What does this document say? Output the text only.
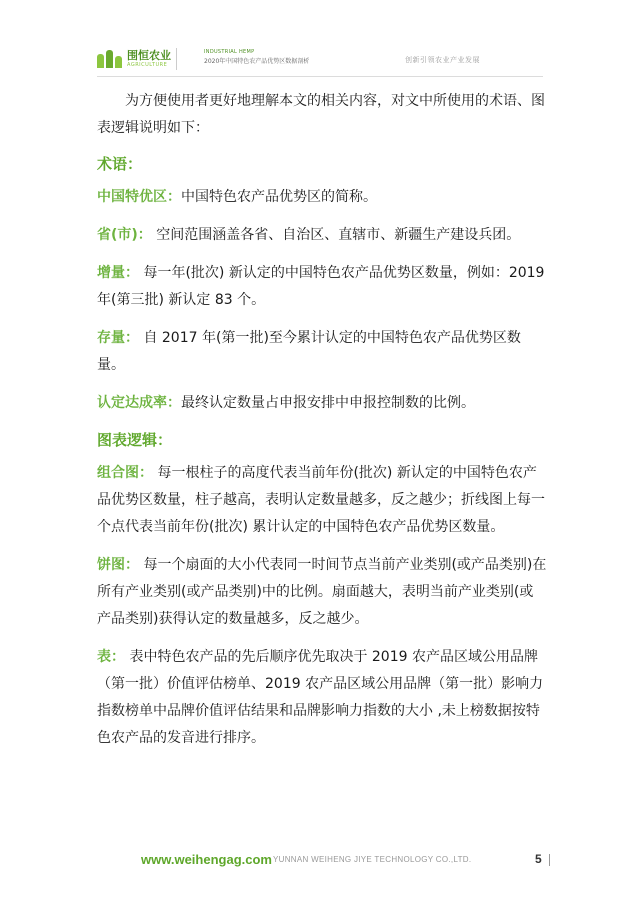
围恒农业
AGRICULTURE
INDUSTRIAL HEMP
2020年中国特色农产品优势区数据剖析	创新引领农业产业发展

为方便使用者更好地理解本文的相关内容，对文中所使用的术语、图表逻辑说明如下：

术语：

中国特优区：中国特色农产品优势区的简称。

省(市)： 空间范围涵盖各省、自治区、直辖市、新疆生产建设兵团。

增量： 每一年(批次) 新认定的中国特色农产品优势区数量，例如：2019 年(第三批) 新认定 83 个。

存量： 自 2017 年(第一批)至今累计认定的中国特色农产品优势区数量。

认定达成率：最终认定数量占申报安排中申报控制数的比例。

图表逻辑：

组合图： 每一根柱子的高度代表当前年份(批次) 新认定的中国特色农产品优势区数量，柱子越高，表明认定数量越多，反之越少；折线图上每一个点代表当前年份(批次) 累计认定的中国特色农产品优势区数量。

饼图： 每一个扇面的大小代表同一时间节点当前产业类别(或产品类别)在所有产业类别(或产品类别)中的比例。扇面越大，表明当前产业类别(或产品类别)获得认定的数量越多，反之越少。

表： 表中特色农产品的先后顺序优先取决于 2019 农产品区域公用品牌（第一批）价值评估榜单、2019 农产品区域公用品牌（第一批）影响力指数榜单中品牌价值评估结果和品牌影响力指数的大小 ,未上榜数据按特色农产品的发音进行排序。

www.weihengag.com YUNNAN WEIHENG JIYE TECHNOLOGY CO.,LTD.	5
